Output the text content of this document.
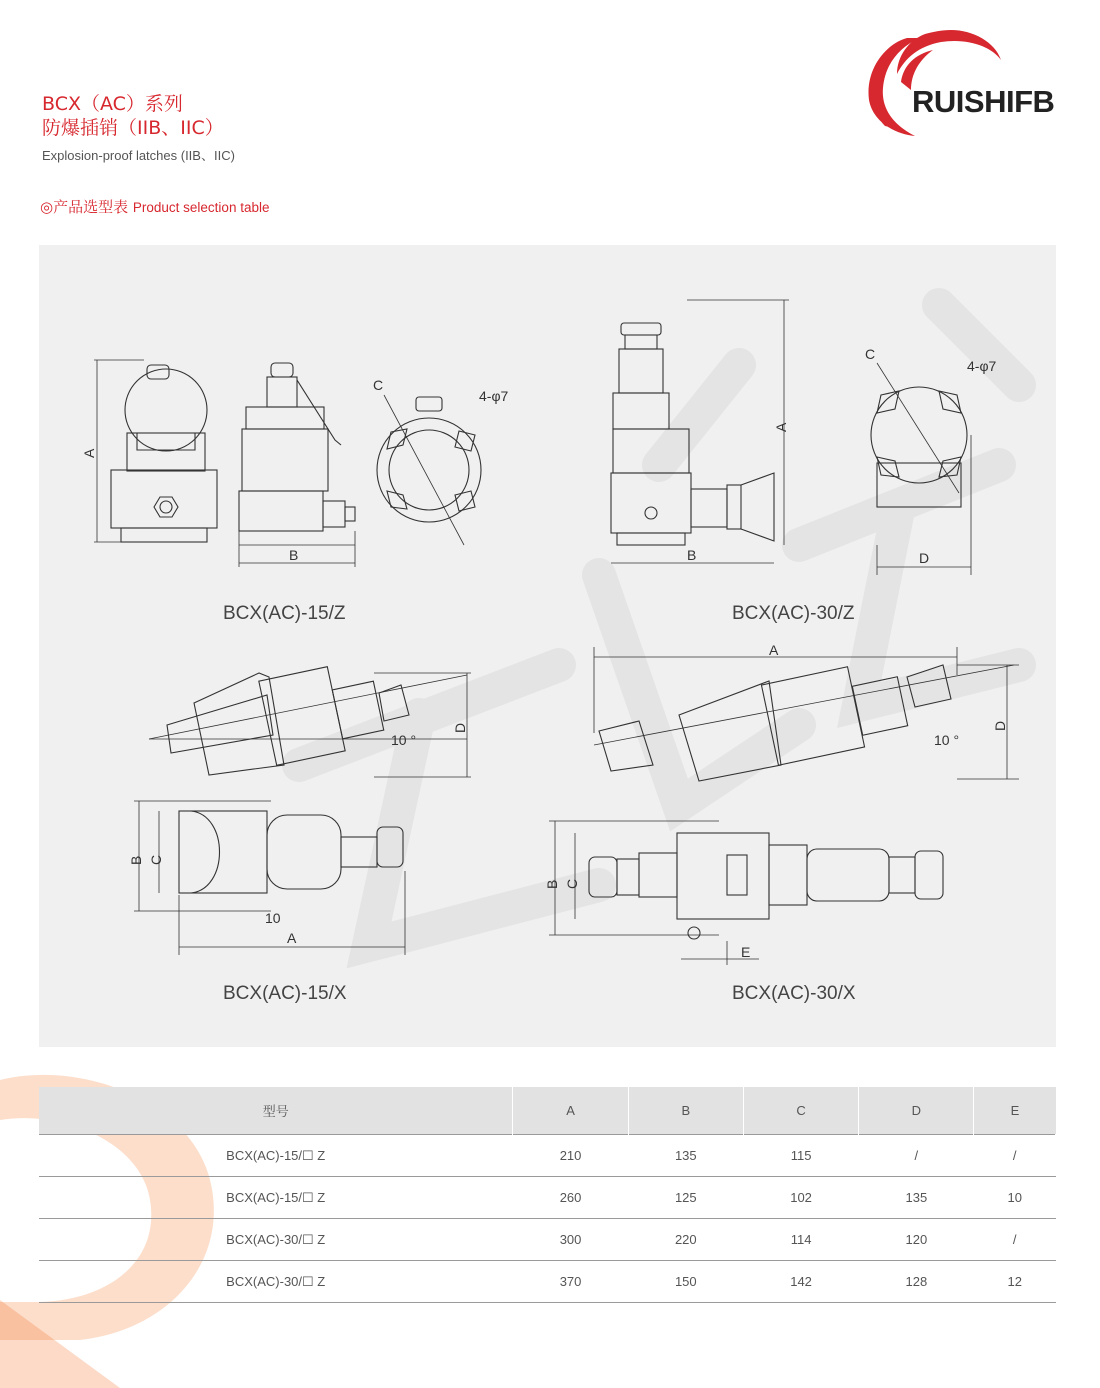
BCX（AC）系列
防爆插销（IIB、IIC）
Explosion-proof latches (IIB、IIC)
RUISHIFB
◎产品选型表 Product selection table
A
B
C
4-φ7
A
B
C
4-φ7
D
10 °
D
B C
10
A
A
10 °
D
B C
E
BCX(AC)-15/Z	BCX(AC)-30/Z
BCX(AC)-15/X	BCX(AC)-30/X
型号	A	B	C	D	E
BCX(AC)-15/☐ Z	210	135	115	/	/
BCX(AC)-15/☐ Z	260	125	102	135	10
BCX(AC)-30/☐ Z	300	220	114	120	/
BCX(AC)-30/☐ Z	370	150	142	128	12
